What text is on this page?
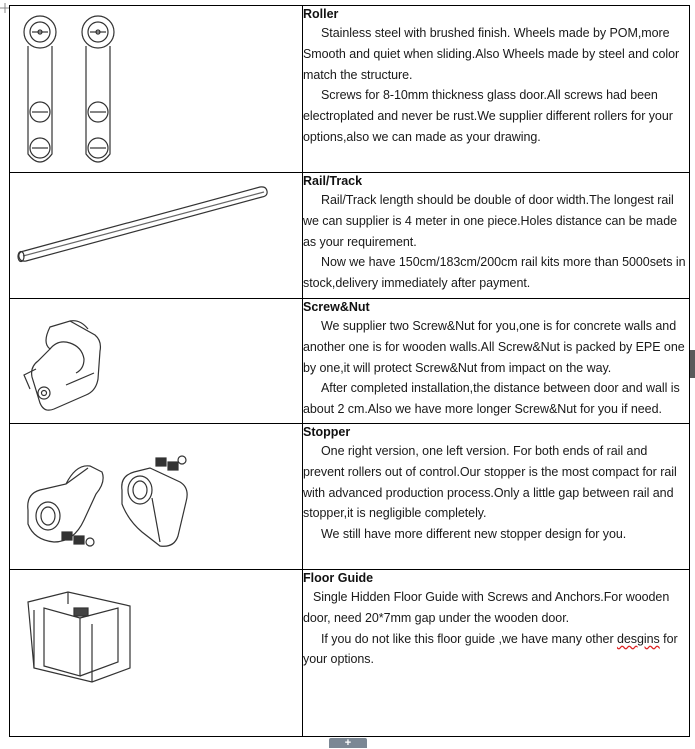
Roller

Stainless steel with brushed finish. Wheels made by POM,more Smooth and quiet when sliding.Also Wheels made by steel and color match the structure.

Screws for 8-10mm thickness glass door.All screws had been electroplated and never be rust.We supplier different rollers for your options,also we can made as your drawing.

Rail/Track

Rail/Track length should be double of door width.The longest rail we can supplier is 4 meter in one piece.Holes distance can be made as your requirement.

Now we have 150cm/183cm/200cm rail kits more than 5000sets in stock,delivery immediately after payment.

Screw&Nut

We supplier two Screw&Nut for you,one is for concrete walls and another one is for wooden walls.All Screw&Nut is packed by EPE one by one,it will protect Screw&Nut from impact on the way.

After completed installation,the distance between door and wall is about 2 cm.Also we have more longer Screw&Nut for you if need.

Stopper

One right version, one left version. For both ends of rail and prevent rollers out of control.Our stopper is the most compact for rail with advanced production process.Only a little gap between rail and stopper,it is negligible completely.

We still have more different new stopper design for you.

Floor Guide

Single Hidden Floor Guide with Screws and Anchors.For wooden door, need 20*7mm gap under the wooden door.

If you do not like this floor guide ,we have many other desgins for your options.

+
